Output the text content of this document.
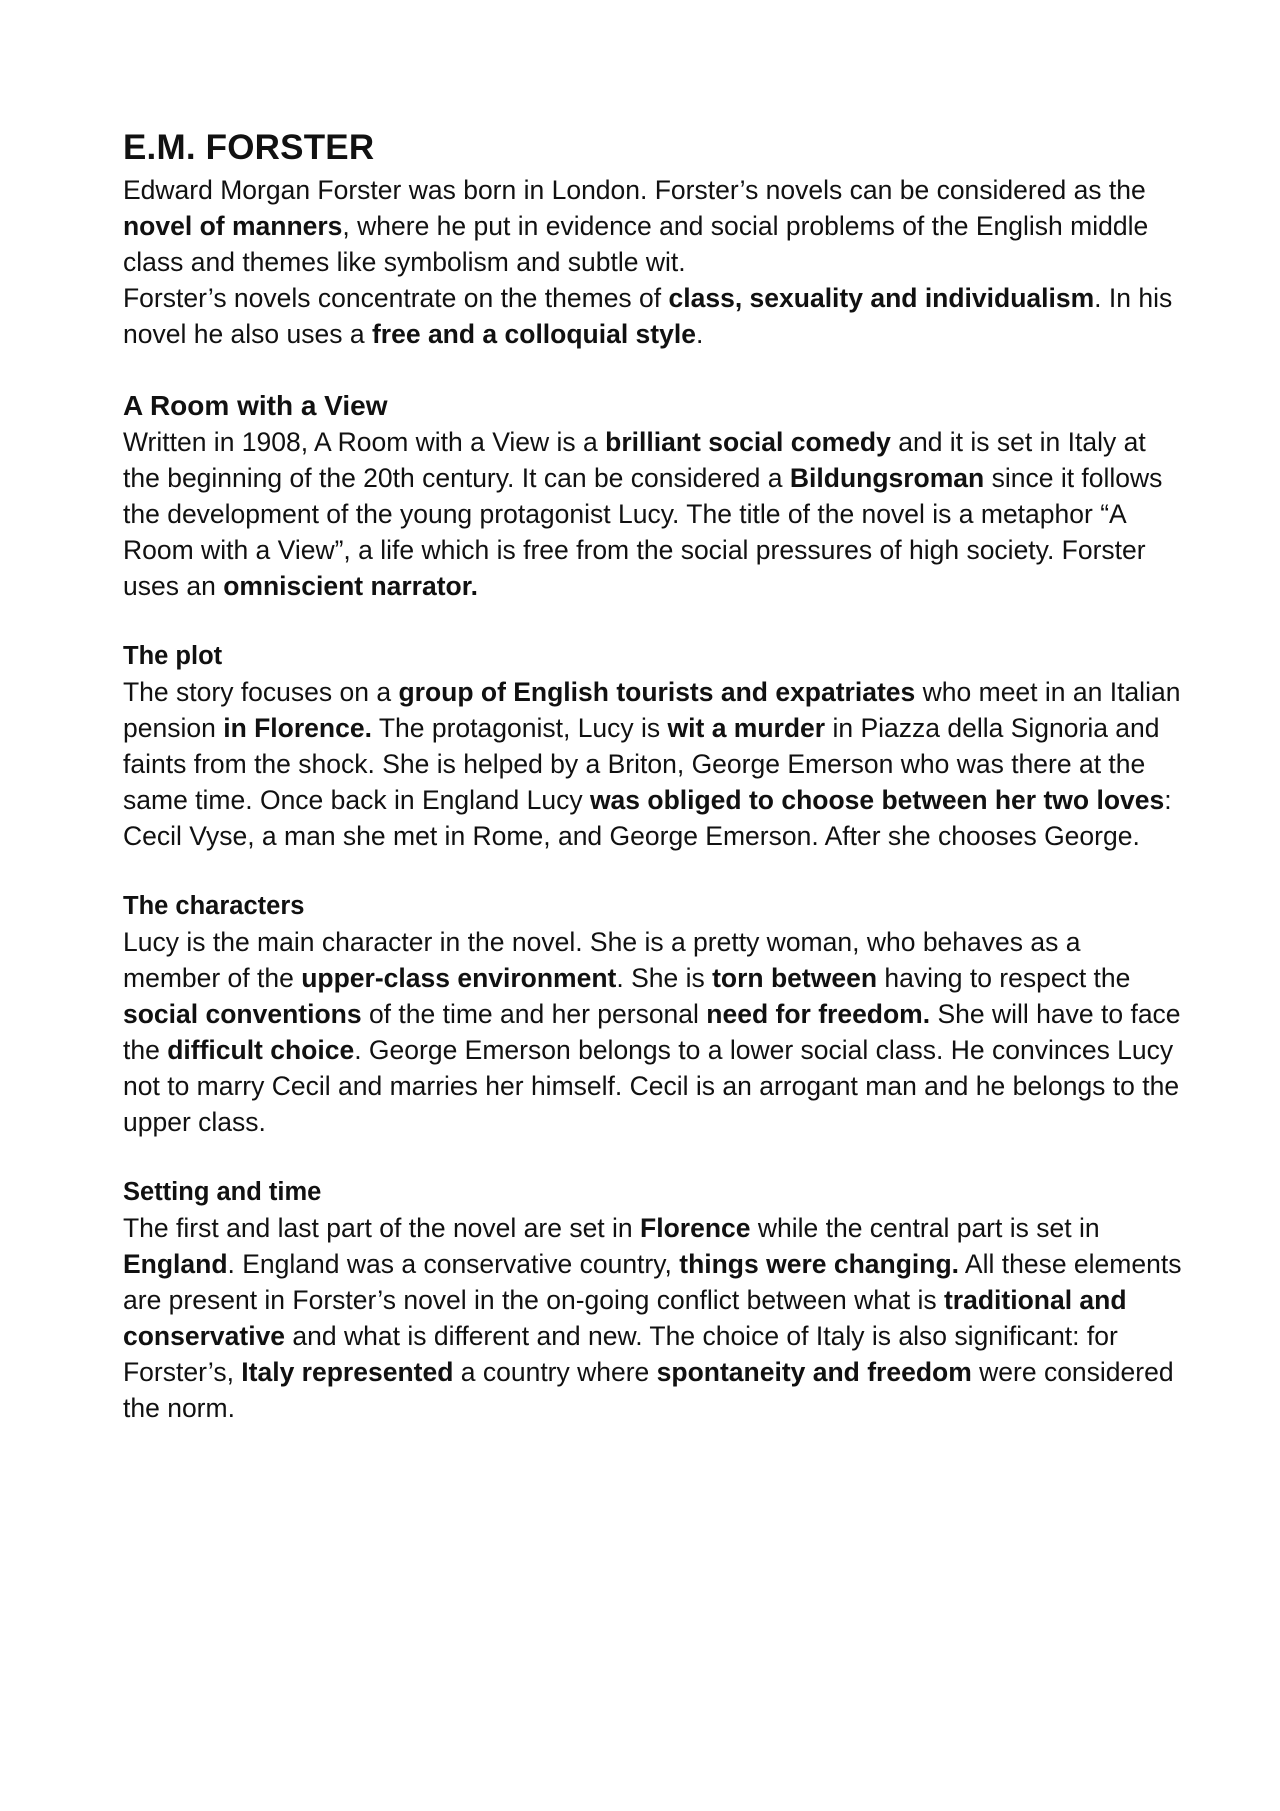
E.M. FORSTER

Edward Morgan Forster was born in London. Forster’s novels can be considered as the novel of manners, where he put in evidence and social problems of the English middle class and themes like symbolism and subtle wit.

Forster’s novels concentrate on the themes of class, sexuality and individualism. In his novel he also uses a free and a colloquial style.

A Room with a View

Written in 1908, A Room with a View is a brilliant social comedy and it is set in Italy at the beginning of the 20th century. It can be considered a Bildungsroman since it follows the development of the young protagonist Lucy. The title of the novel is a metaphor “A Room with a View”, a life which is free from the social pressures of high society. Forster uses an omniscient narrator.

The plot

The story focuses on a group of English tourists and expatriates who meet in an Italian pension in Florence. The protagonist, Lucy is wit a murder in Piazza della Signoria and faints from the shock. She is helped by a Briton, George Emerson who was there at the same time. Once back in England Lucy was obliged to choose between her two loves: Cecil Vyse, a man she met in Rome, and George Emerson. After she chooses George.

The characters

Lucy is the main character in the novel. She is a pretty woman, who behaves as a member of the upper-class environment. She is torn between having to respect the social conventions of the time and her personal need for freedom. She will have to face the difficult choice. George Emerson belongs to a lower social class. He convinces Lucy not to marry Cecil and marries her himself. Cecil is an arrogant man and he belongs to the upper class.

Setting and time

The first and last part of the novel are set in Florence while the central part is set in England. England was a conservative country, things were changing. All these elements are present in Forster’s novel in the on-going conflict between what is traditional and conservative and what is different and new. The choice of Italy is also significant: for Forster’s, Italy represented a country where spontaneity and freedom were considered the norm.
